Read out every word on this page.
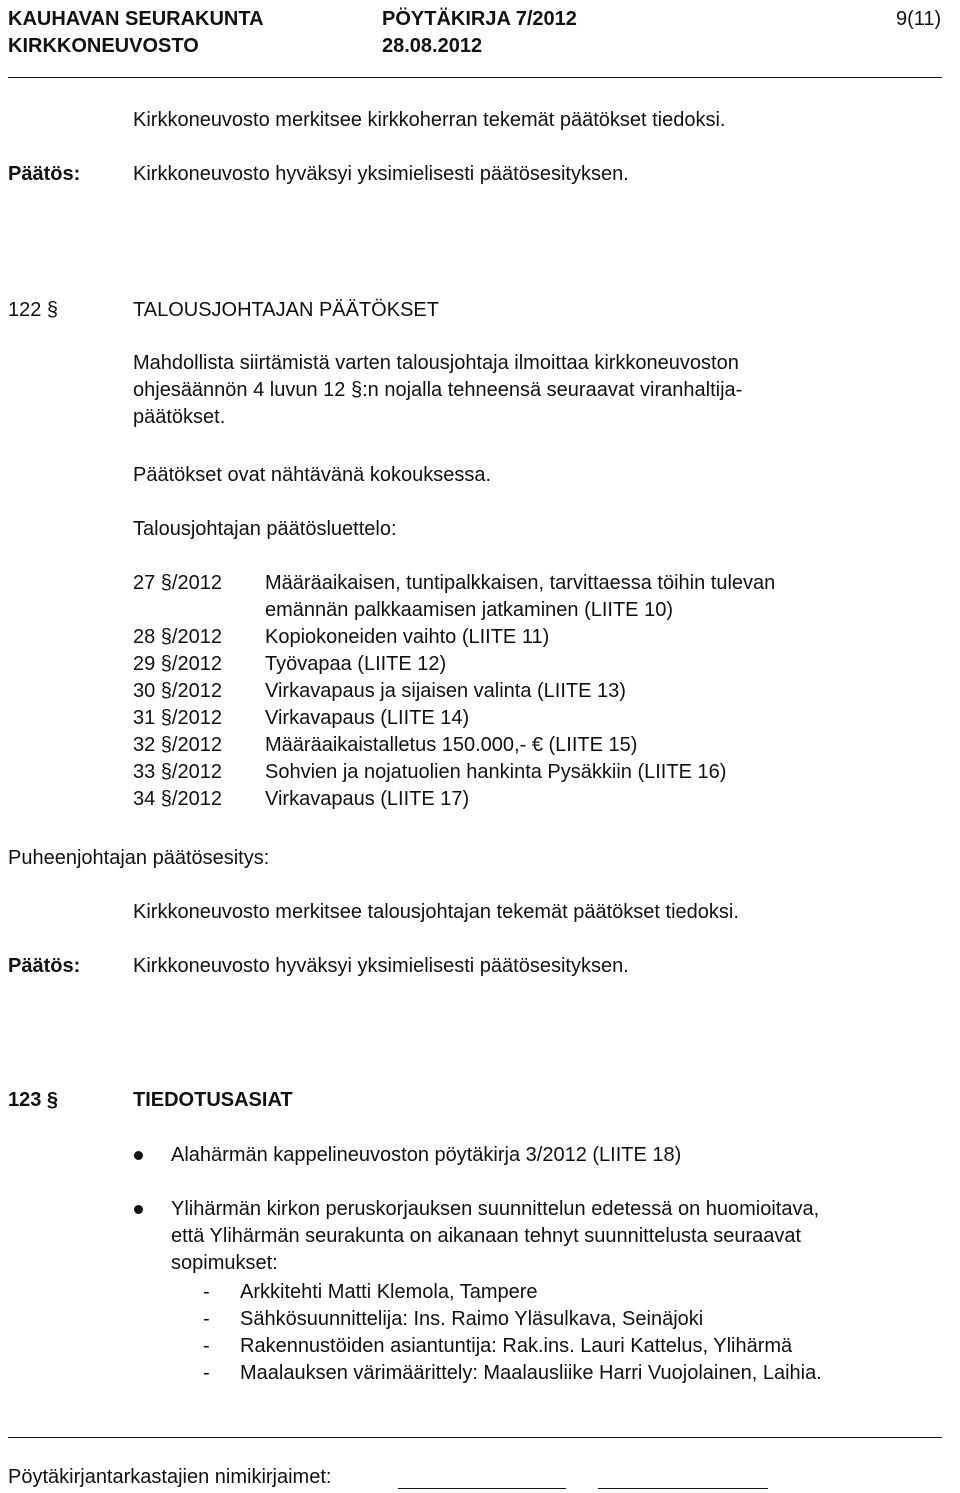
KAUHAVAN SEURAKUNTA	PÖYTÄKIRJA 7/2012	9(11)
KIRKKONEUVOSTO	28.08.2012
Kirkkoneuvosto merkitsee kirkkoherran tekemät päätökset tiedoksi.
Päätös:	Kirkkoneuvosto hyväksyi yksimielisesti päätösesityksen.
122 §	TALOUSJOHTAJAN PÄÄTÖKSET
Mahdollista siirtämistä varten talousjohtaja ilmoittaa kirkkoneuvoston
ohjesäännön 4 luvun 12 §:n nojalla tehneensä seuraavat viranhaltija-
päätökset.
Päätökset ovat nähtävänä kokouksessa.
Talousjohtajan päätösluettelo:
27 §/2012 Määräaikaisen, tuntipalkkaisen, tarvittaessa töihin tulevan
emännän palkkaamisen jatkaminen (LIITE 10)
28 §/2012 Kopiokoneiden vaihto (LIITE 11)
29 §/2012 Työvapaa (LIITE 12)
30 §/2012 Virkavapaus ja sijaisen valinta (LIITE 13)
31 §/2012 Virkavapaus (LIITE 14)
32 §/2012 Määräaikaistalletus 150.000,- € (LIITE 15)
33 §/2012 Sohvien ja nojatuolien hankinta Pysäkkiin (LIITE 16)
34 §/2012 Virkavapaus (LIITE 17)
Puheenjohtajan päätösesitys:
Kirkkoneuvosto merkitsee talousjohtajan tekemät päätökset tiedoksi.
Päätös:	Kirkkoneuvosto hyväksyi yksimielisesti päätösesityksen.
123 §	TIEDOTUSASIAT
Alahärmän kappelineuvoston pöytäkirja 3/2012 (LIITE 18)
Ylihärmän kirkon peruskorjauksen suunnittelun edetessä on huomioitava,
että Ylihärmän seurakunta on aikanaan tehnyt suunnittelusta seuraavat
sopimukset:
- Arkkitehti Matti Klemola, Tampere
- Sähkösuunnittelija: Ins. Raimo Yläsulkava, Seinäjoki
- Rakennustöiden asiantuntija: Rak.ins. Lauri Kattelus, Ylihärmä
- Maalauksen värimäärittely: Maalausliike Harri Vuojolainen, Laihia.
Pöytäkirjantarkastajien nimikirjaimet:
